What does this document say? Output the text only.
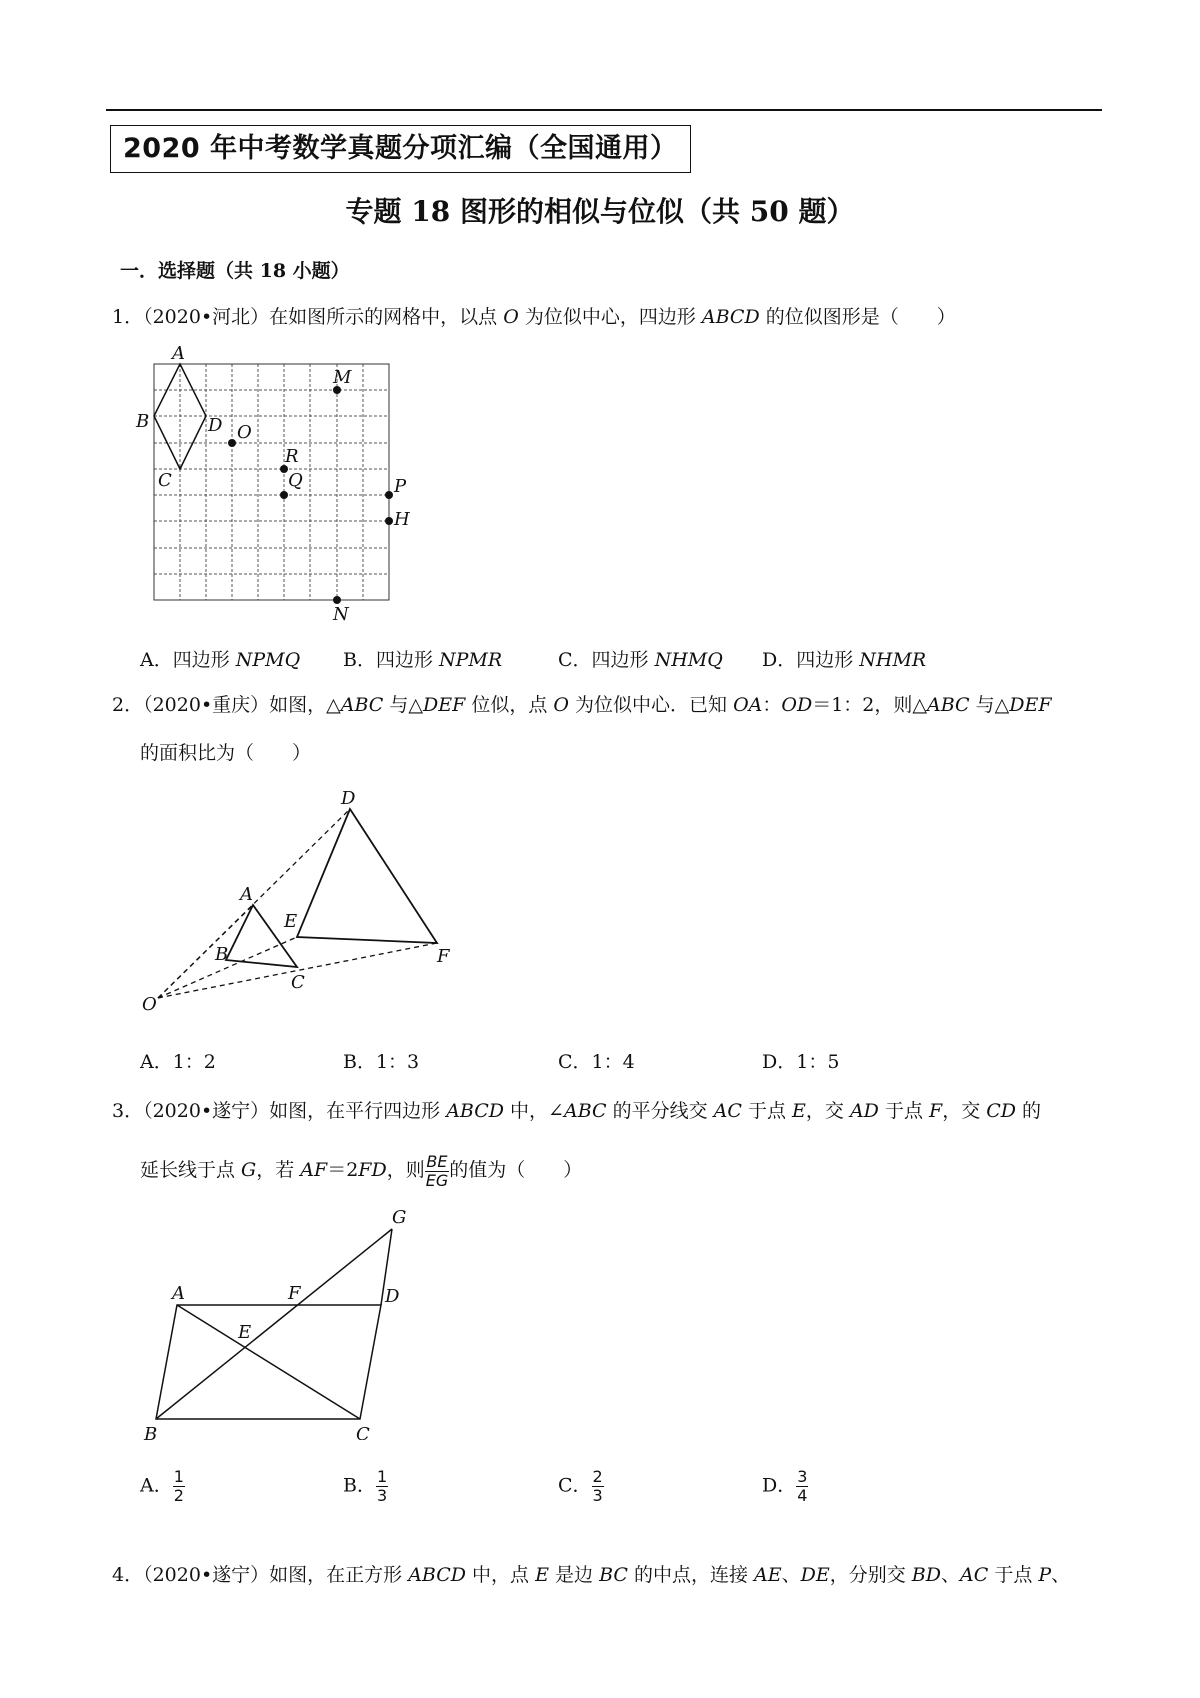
2020 年中考数学真题分项汇编（全国通用）
专题 18 图形的相似与位似（共 50 题）
一．选择题（共 18 小题）
1．（2020•河北）在如图所示的网格中，以点 O 为位似中心，四边形 ABCD 的位似图形是（　　）
A
B
C
D O
M
R
Q	P
H
N
A．四边形 NPMQ B．四边形 NPMR	C．四边形 NHMQ D．四边形 NHMR
2．（2020•重庆）如图，△ABC 与△DEF 位似，点 O 为位似中心．已知 OA：OD＝1：2，则△ABC 与△DEF
的面积比为（　　）
D
A
E
B	F
C
O
A．1：2	B．1：3	C．1：4	D．1：5
3．（2020•遂宁）如图，在平行四边形 ABCD 中，∠ABC 的平分线交 AC 于点 E，交 AD 于点 F，交 CD 的
延长线于点 G，若 AF＝2FD，则 $\frac{BE}{EG}$ 的值为（　　）
G
A	F	D
E
B	C
A． $\frac{1}{2}$	B． $\frac{1}{3}$	C． $\frac{2}{3}$	D． $\frac{3}{4}$
4．（2020•遂宁）如图，在正方形 ABCD 中，点 E 是边 BC 的中点，连接 AE、DE，分别交 BD、AC 于点 P、
